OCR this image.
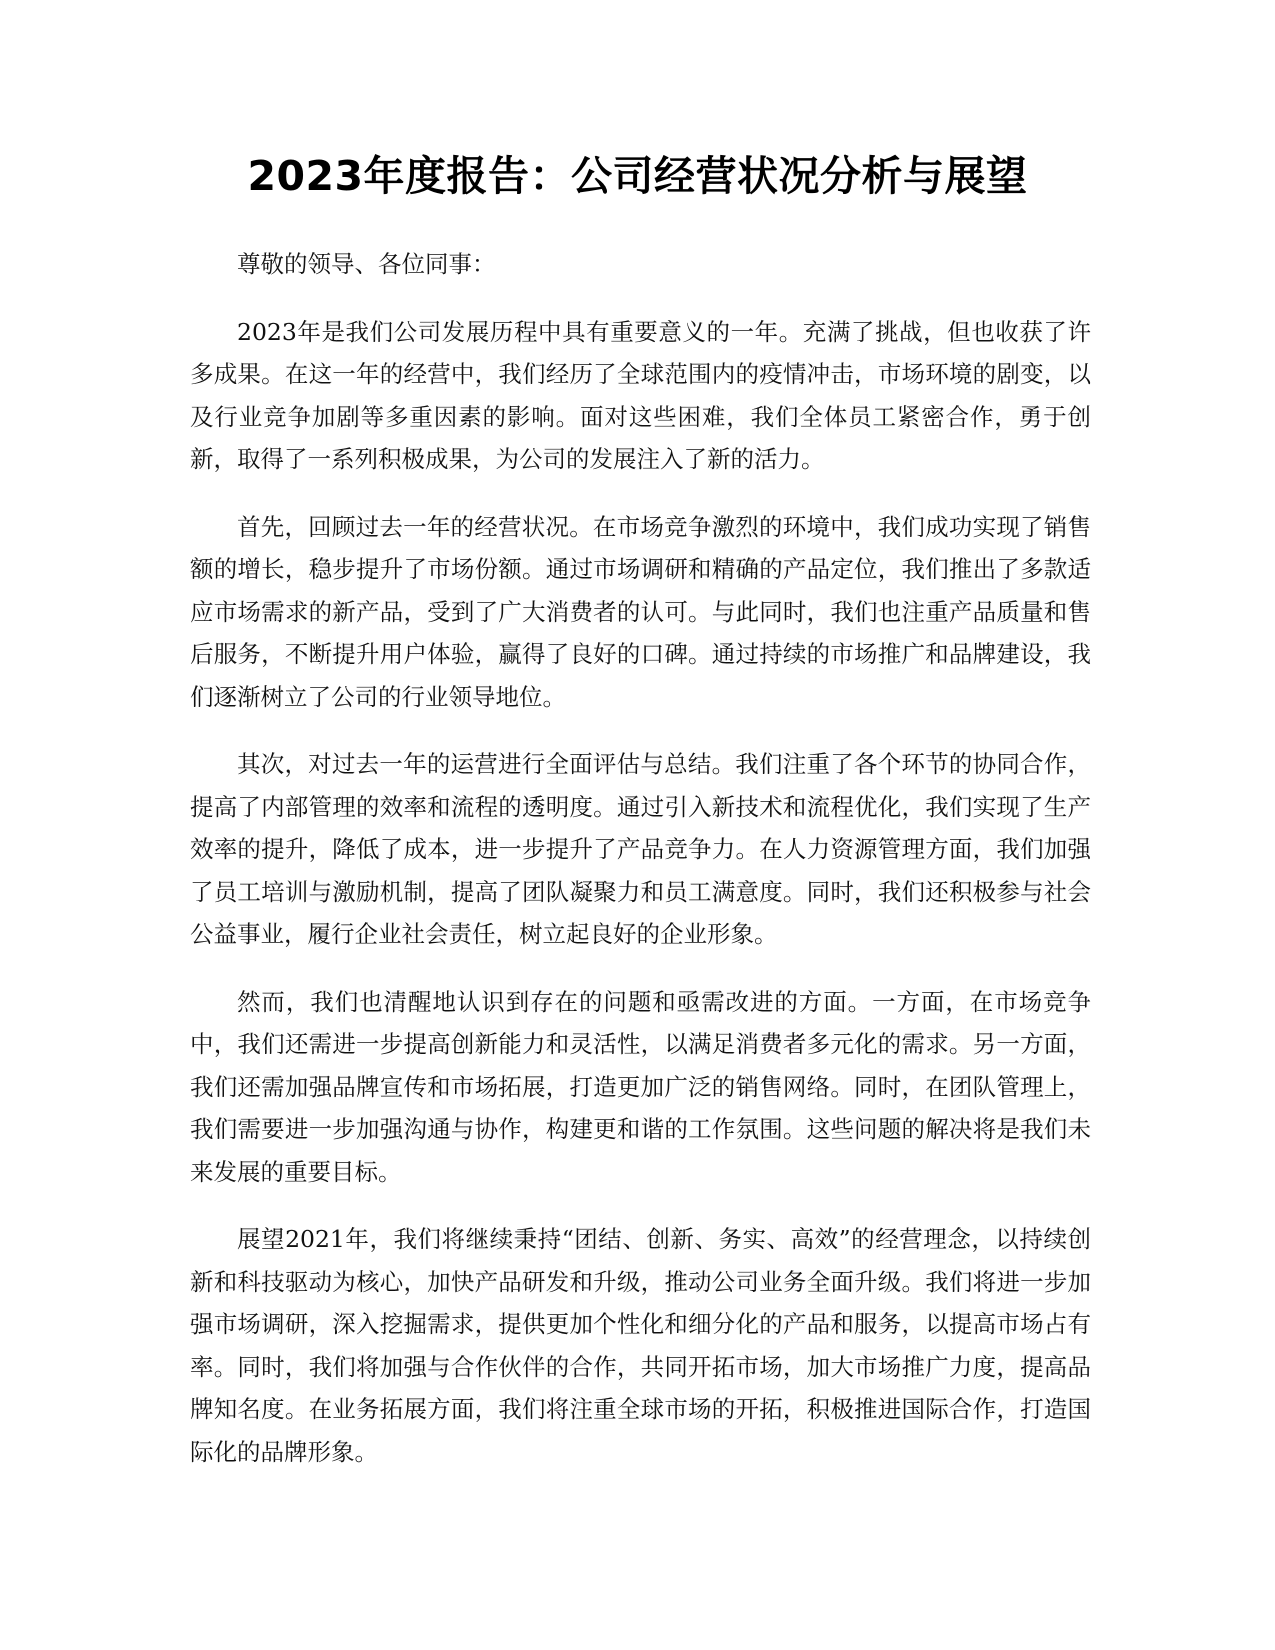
2023年度报告：公司经营状况分析与展望

尊敬的领导、各位同事：

2023年是我们公司发展历程中具有重要意义的一年。充满了挑战，但也收获了许多成果。在这一年的经营中，我们经历了全球范围内的疫情冲击，市场环境的剧变，以及行业竞争加剧等多重因素的影响。面对这些困难，我们全体员工紧密合作，勇于创新，取得了一系列积极成果，为公司的发展注入了新的活力。

首先，回顾过去一年的经营状况。在市场竞争激烈的环境中，我们成功实现了销售额的增长，稳步提升了市场份额。通过市场调研和精确的产品定位，我们推出了多款适应市场需求的新产品，受到了广大消费者的认可。与此同时，我们也注重产品质量和售后服务，不断提升用户体验，赢得了良好的口碑。通过持续的市场推广和品牌建设，我们逐渐树立了公司的行业领导地位。

其次，对过去一年的运营进行全面评估与总结。我们注重了各个环节的协同合作，提高了内部管理的效率和流程的透明度。通过引入新技术和流程优化，我们实现了生产效率的提升，降低了成本，进一步提升了产品竞争力。在人力资源管理方面，我们加强了员工培训与激励机制，提高了团队凝聚力和员工满意度。同时，我们还积极参与社会公益事业，履行企业社会责任，树立起良好的企业形象。

然而，我们也清醒地认识到存在的问题和亟需改进的方面。一方面，在市场竞争中，我们还需进一步提高创新能力和灵活性，以满足消费者多元化的需求。另一方面，我们还需加强品牌宣传和市场拓展，打造更加广泛的销售网络。同时，在团队管理上，我们需要进一步加强沟通与协作，构建更和谐的工作氛围。这些问题的解决将是我们未来发展的重要目标。

展望2021年，我们将继续秉持“团结、创新、务实、高效”的经营理念，以持续创新和科技驱动为核心，加快产品研发和升级，推动公司业务全面升级。我们将进一步加强市场调研，深入挖掘需求，提供更加个性化和细分化的产品和服务，以提高市场占有率。同时，我们将加强与合作伙伴的合作，共同开拓市场，加大市场推广力度，提高品牌知名度。在业务拓展方面，我们将注重全球市场的开拓，积极推进国际合作，打造国际化的品牌形象。
